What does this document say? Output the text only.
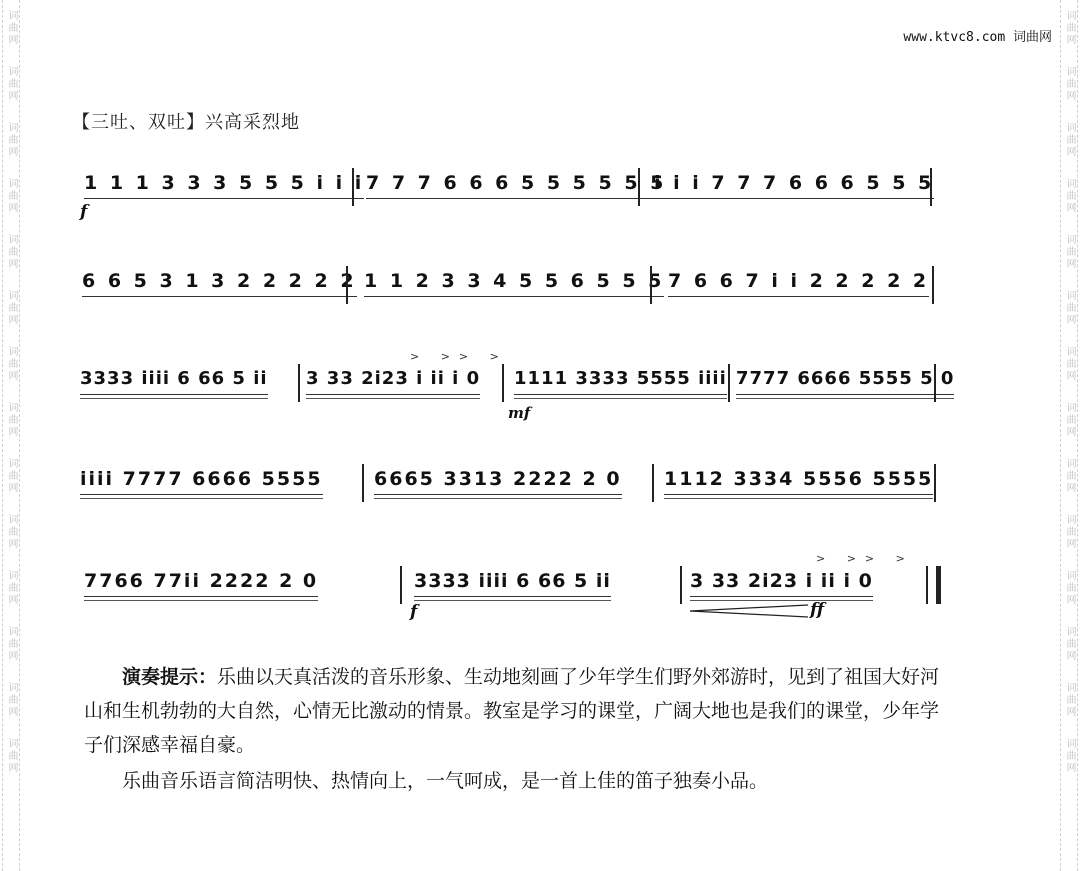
词曲网
词曲网
词曲网
词曲网
词曲网
词曲网
词曲网
词曲网
词曲网
词曲网
词曲网
词曲网
词曲网
词曲网
词曲网
词曲网
词曲网
词曲网
词曲网
词曲网
词曲网
词曲网
词曲网
词曲网
词曲网
词曲网
词曲网
词曲网
www.ktvc8.com 词曲网
【三吐、双吐】兴高采烈地
1 1 1 3 3 3 5 5 5 i i i 7 7 7 6 6 6 5 5 5 5 5 5
i i i 7 7 7 6 6 6 5 5 5
f
6 6 5 3 1 3 2 2 2 2 2 1 1 2 3 3 4 5 5 6 5 5 5 7 6 6 7 i i 2 2 2 2 2
3333 iiii 6 66 5 ii
> >> >
3 33 2i23 i ii i 0 1111 3333 5555 iiii 7777 6666 5555 5 0
mf
iiii 7777 6666 5555	6665 3313 2222 2 0 1112 3334 5556 5555
7766 77ii 2222 2 0	3333 iiii 6 66 5 ii
> >> >
3 33 2i23 i ii i 0
f	ff

演奏提示：乐曲以天真活泼的音乐形象、生动地刻画了少年学生们野外郊游时，见到了祖国大好河山和生机勃勃的大自然，心情无比激动的情景。教室是学习的课堂，广阔大地也是我们的课堂，少年学子们深感幸福自豪。

乐曲音乐语言简洁明快、热情向上，一气呵成，是一首上佳的笛子独奏小品。
